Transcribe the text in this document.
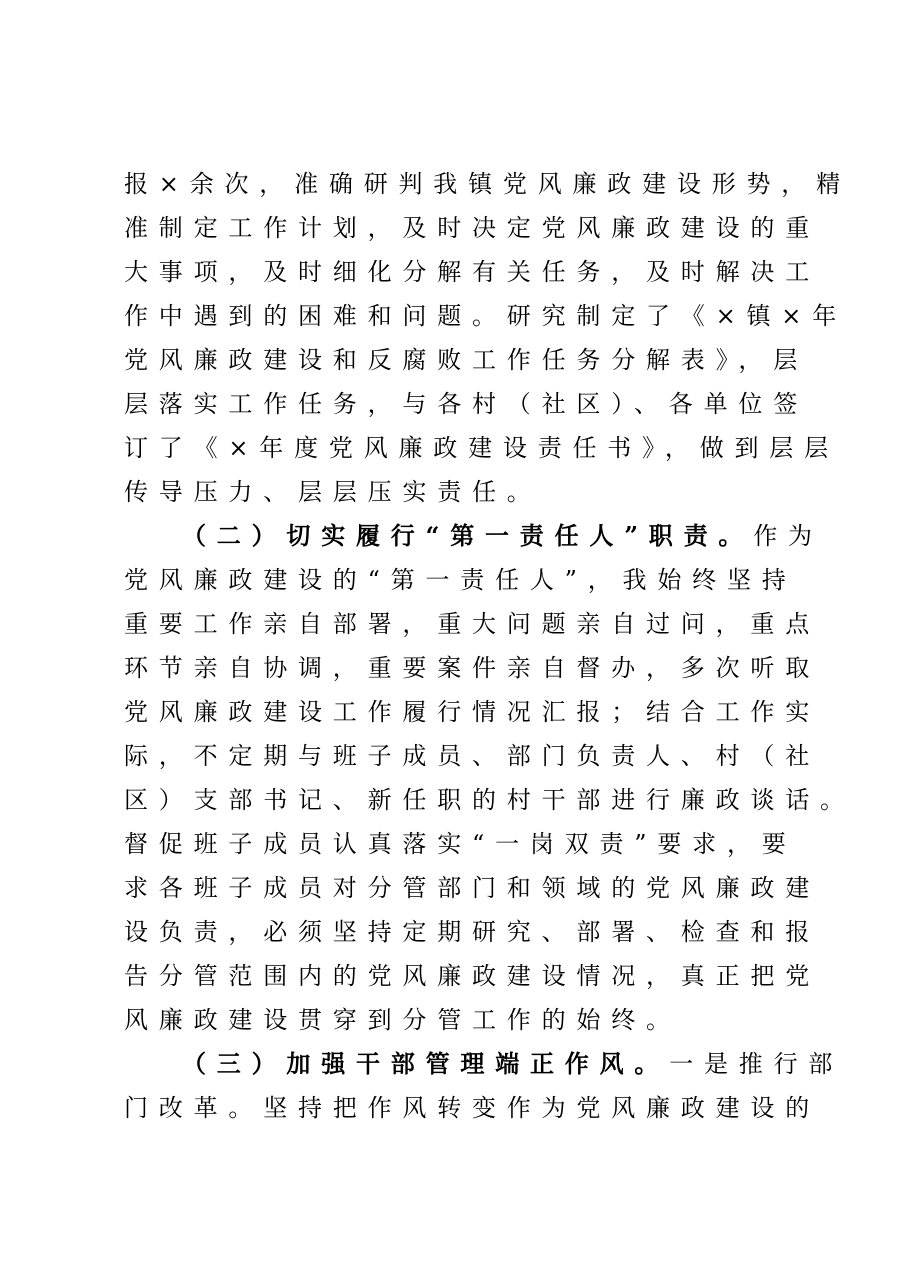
报×余次，准确研判我镇党风廉政建设形势，精
准制定工作计划，及时决定党风廉政建设的重
大事项，及时细化分解有关任务，及时解决工
作中遇到的困难和问题。研究制定了《×镇×年
党风廉政建设和反腐败工作任务分解表》，层
层落实工作任务，与各村（社区）、各单位签
订了《×年度党风廉政建设责任书》，做到层层
传导压力、层层压实责任。
（二）切实履行“第一责任人”职责。作为
党风廉政建设的“第一责任人”，我始终坚持
重要工作亲自部署，重大问题亲自过问，重点
环节亲自协调，重要案件亲自督办，多次听取
党风廉政建设工作履行情况汇报；结合工作实
际，不定期与班子成员、部门负责人、村（社
区）支部书记、新任职的村干部进行廉政谈话。
督促班子成员认真落实“一岗双责”要求，要
求各班子成员对分管部门和领域的党风廉政建
设负责，必须坚持定期研究、部署、检查和报
告分管范围内的党风廉政建设情况，真正把党
风廉政建设贯穿到分管工作的始终。
（三）加强干部管理端正作风。一是推行部
门改革。坚持把作风转变作为党风廉政建设的
